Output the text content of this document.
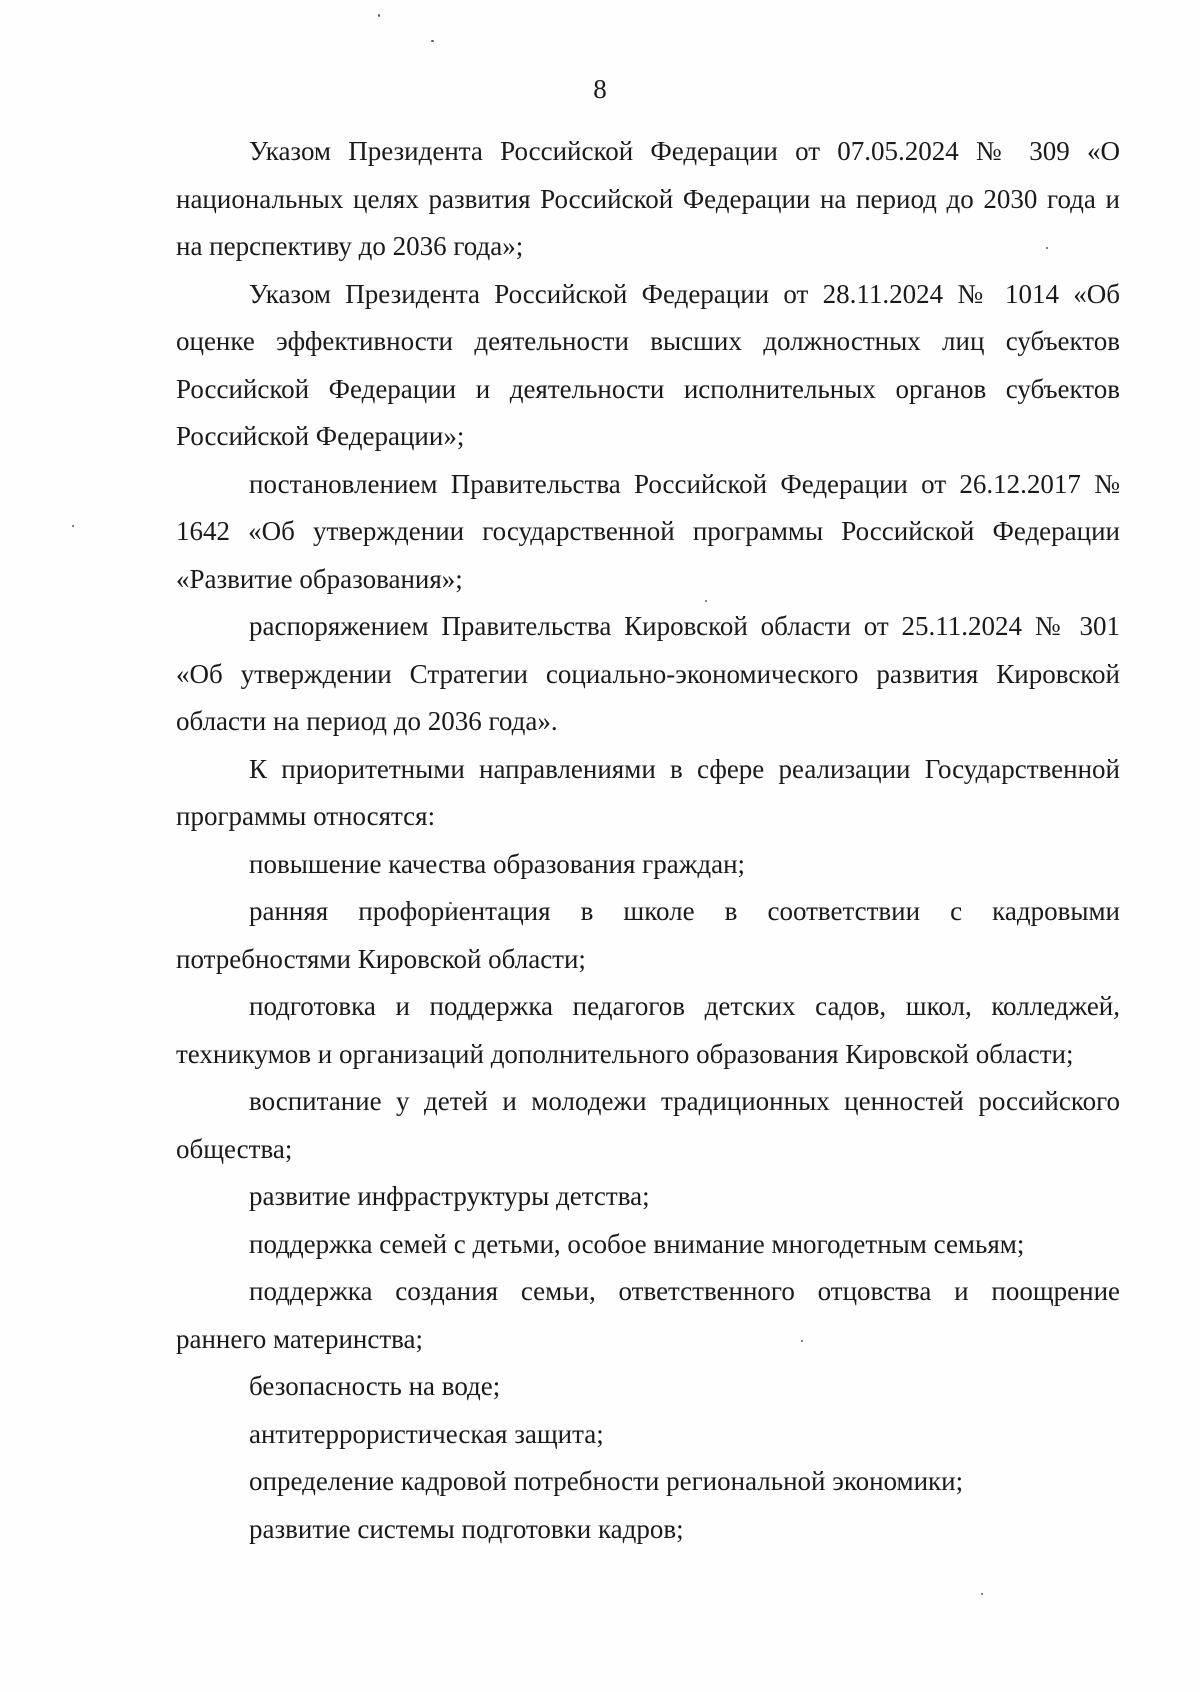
8

Указом Президента Российской Федерации от 07.05.2024 № 309 «О национальных целях развития Российской Федерации на период до 2030 года и на перспективу до 2036 года»;

Указом Президента Российской Федерации от 28.11.2024 № 1014 «Об оценке эффективности деятельности высших должностных лиц субъектов Российской Федерации и деятельности исполнительных органов субъектов Российской Федерации»;

постановлением Правительства Российской Федерации от 26.12.2017 № 1642 «Об утверждении государственной программы Российской Федерации «Развитие образования»;

распоряжением Правительства Кировской области от 25.11.2024 № 301 «Об утверждении Стратегии социально-экономического развития Кировской области на период до 2036 года».

К приоритетными направлениями в сфере реализации Государственной программы относятся:

повышение качества образования граждан;

ранняя профориентация в школе в соответствии с кадровыми потребностями Кировской области;

подготовка и поддержка педагогов детских садов, школ, колледжей, техникумов и организаций дополнительного образования Кировской области;

воспитание у детей и молодежи традиционных ценностей российского общества;

развитие инфраструктуры детства;

поддержка семей с детьми, особое внимание многодетным семьям;

поддержка создания семьи, ответственного отцовства и поощрение раннего материнства;

безопасность на воде;

антитеррористическая защита;

определение кадровой потребности региональной экономики;

развитие системы подготовки кадров;
